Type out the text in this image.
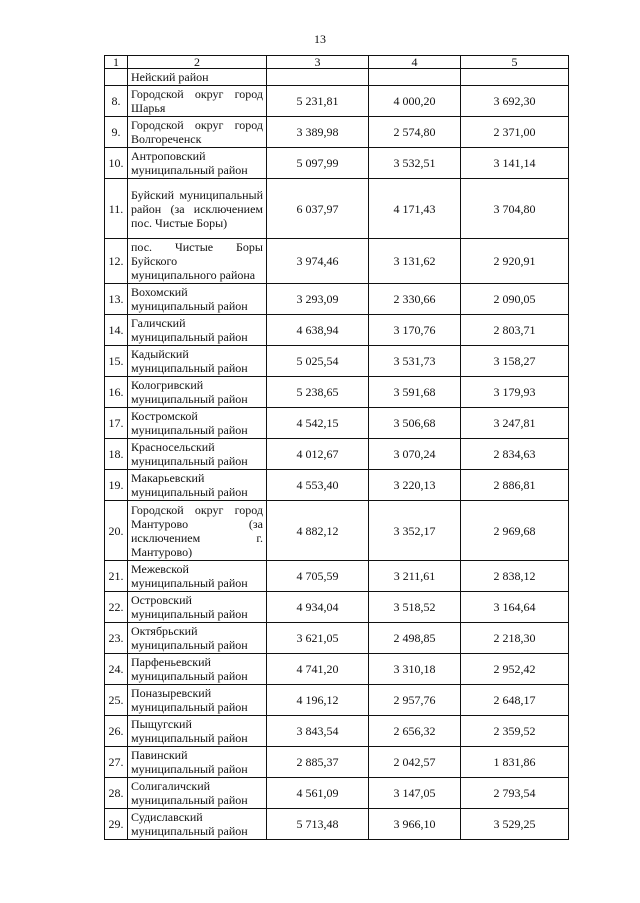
13
1	2	3	4	5
	Нейский район			
8.	Городской округ город Шарья	5 231,81	4 000,20	3 692,30
9.	Городской округ город Волгореченск	3 389,98	2 574,80	2 371,00
10.	Антроповский муниципальный район	5 097,99	3 532,51	3 141,14
11.	Буйский муниципальный район (за исключением пос. Чистые Боры)	6 037,97	4 171,43	3 704,80
12.	пос. Чистые Боры Буйского муниципального района	3 974,46	3 131,62	2 920,91
13.	Вохомский муниципальный район	3 293,09	2 330,66	2 090,05
14.	Галичский муниципальный район	4 638,94	3 170,76	2 803,71
15.	Кадыйский муниципальный район	5 025,54	3 531,73	3 158,27
16.	Кологривский муниципальный район	5 238,65	3 591,68	3 179,93
17.	Костромской муниципальный район	4 542,15	3 506,68	3 247,81
18.	Красносельский муниципальный район	4 012,67	3 070,24	2 834,63
19.	Макарьевский муниципальный район	4 553,40	3 220,13	2 886,81
20.	Городской округ город Мантурово (за исключением г. Мантурово)	4 882,12	3 352,17	2 969,68
21.	Межевской муниципальный район	4 705,59	3 211,61	2 838,12
22.	Островский муниципальный район	4 934,04	3 518,52	3 164,64
23.	Октябрьский муниципальный район	3 621,05	2 498,85	2 218,30
24.	Парфеньевский муниципальный район	4 741,20	3 310,18	2 952,42
25.	Поназыревский муниципальный район	4 196,12	2 957,76	2 648,17
26.	Пыщугский муниципальный район	3 843,54	2 656,32	2 359,52
27.	Павинский муниципальный район	2 885,37	2 042,57	1 831,86
28.	Солигаличский муниципальный район	4 561,09	3 147,05	2 793,54
29.	Судиславский муниципальный район	5 713,48	3 966,10	3 529,25
